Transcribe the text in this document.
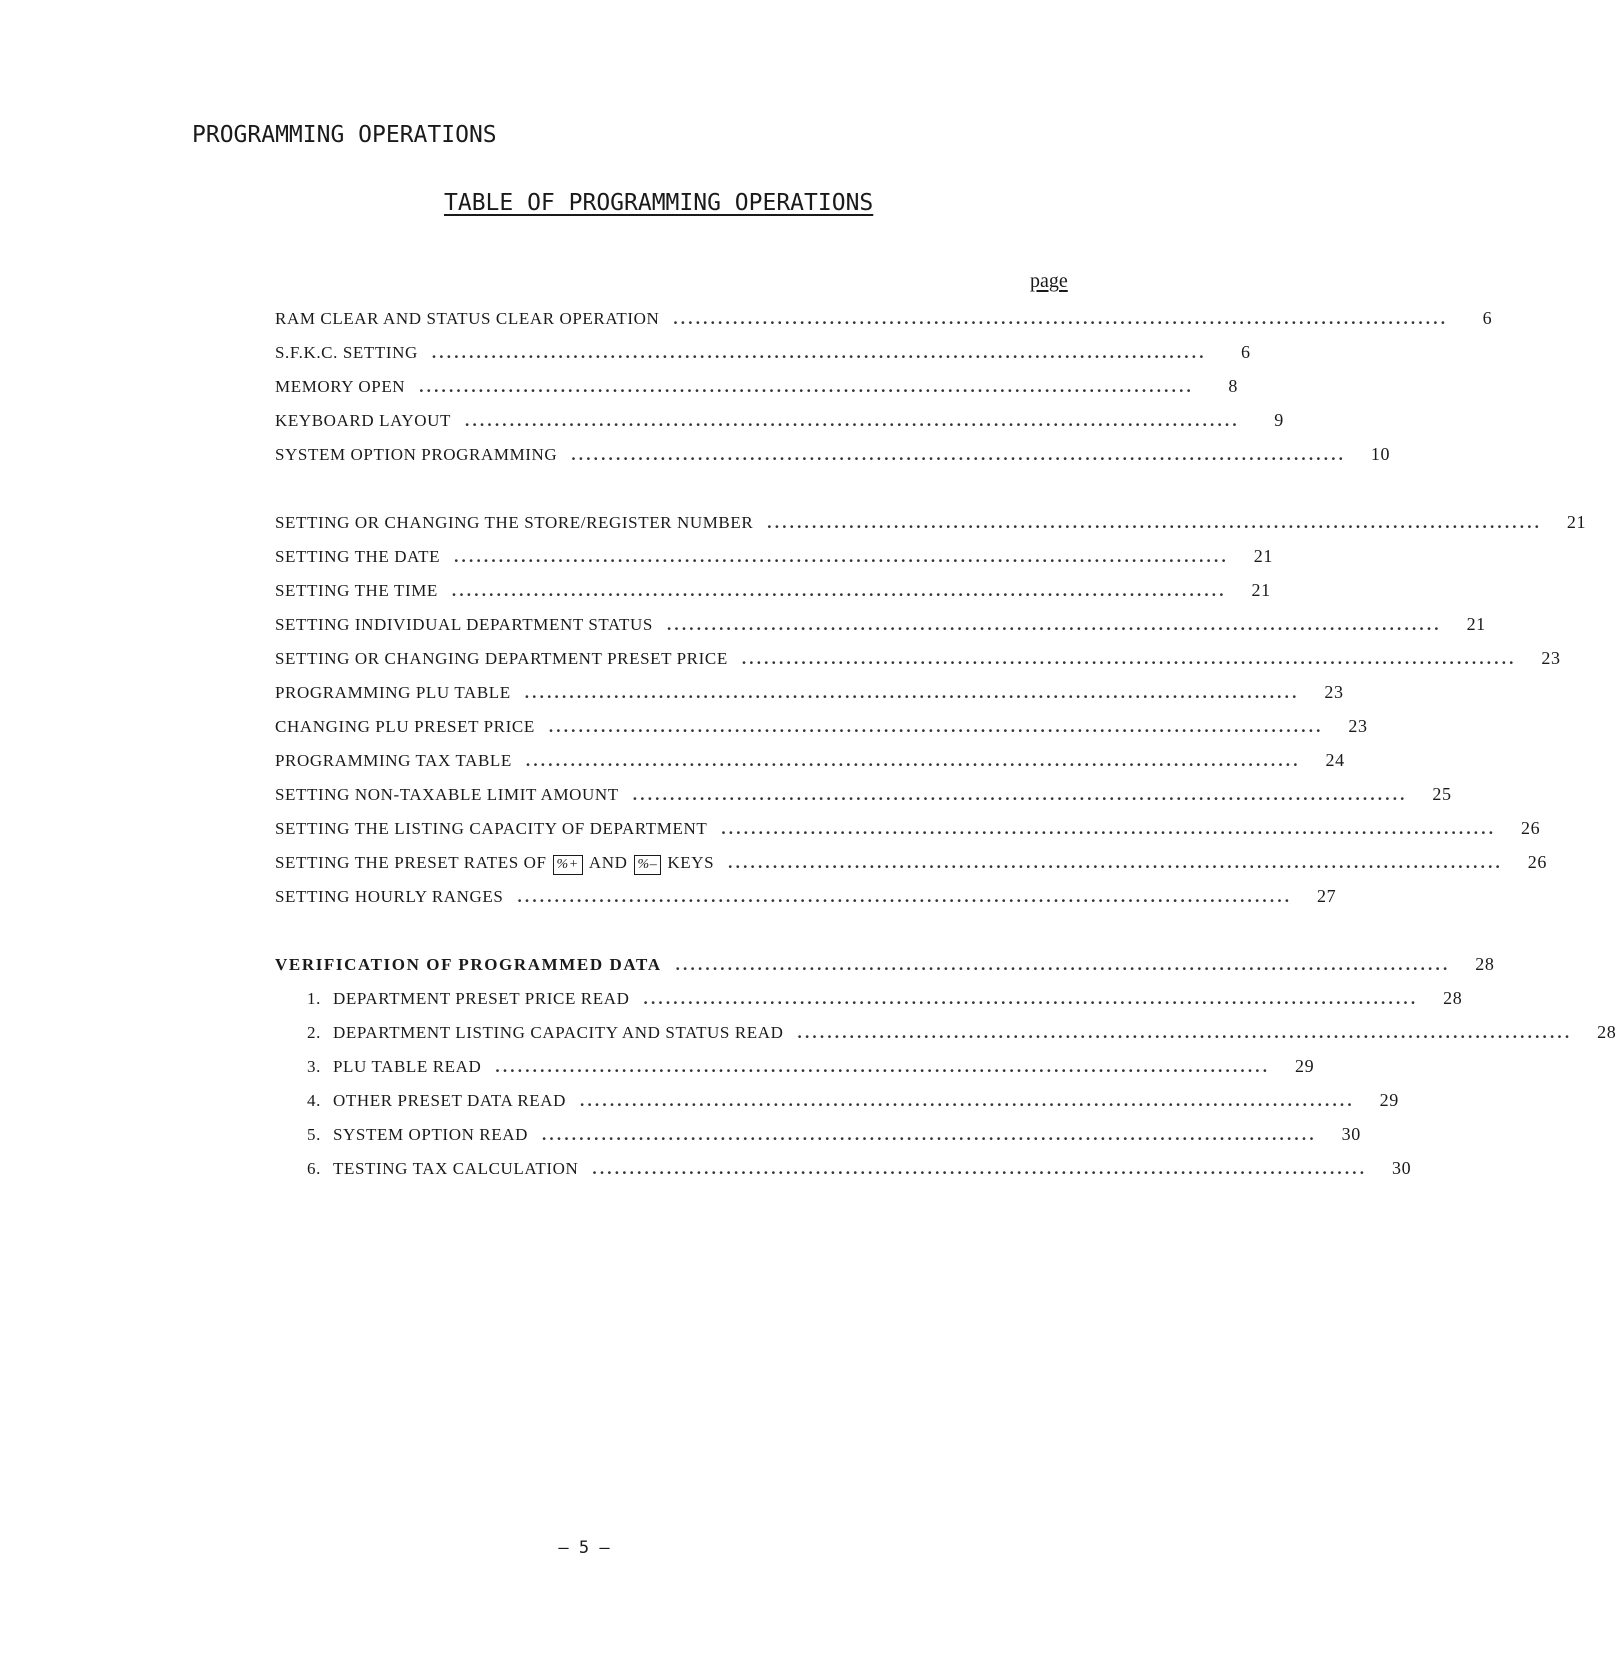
PROGRAMMING OPERATIONS
TABLE OF PROGRAMMING OPERATIONS
page
RAM CLEAR AND STATUS CLEAR OPERATION ........................................................................................................	6
S.F.K.C. SETTING ........................................................................................................	6
MEMORY OPEN ........................................................................................................	8
KEYBOARD LAYOUT ........................................................................................................	9
SYSTEM OPTION PROGRAMMING ........................................................................................................	10
SETTING OR CHANGING THE STORE/REGISTER NUMBER ........................................................................................................	21
SETTING THE DATE ........................................................................................................	21
SETTING THE TIME ........................................................................................................	21
SETTING INDIVIDUAL DEPARTMENT STATUS ........................................................................................................	21
SETTING OR CHANGING DEPARTMENT PRESET PRICE ........................................................................................................	23
PROGRAMMING PLU TABLE ........................................................................................................	23
CHANGING PLU PRESET PRICE ........................................................................................................	23
PROGRAMMING TAX TABLE ........................................................................................................	24
SETTING NON-TAXABLE LIMIT AMOUNT ........................................................................................................	25
SETTING THE LISTING CAPACITY OF DEPARTMENT ........................................................................................................	26
SETTING THE PRESET RATES OF %+ AND %– KEYS ........................................................................................................	26
SETTING HOURLY RANGES ........................................................................................................	27
VERIFICATION OF PROGRAMMED DATA ........................................................................................................	28
1. DEPARTMENT PRESET PRICE READ ........................................................................................................	28
2. DEPARTMENT LISTING CAPACITY AND STATUS READ ........................................................................................................	28
3. PLU TABLE READ ........................................................................................................	29
4. OTHER PRESET DATA READ ........................................................................................................	29
5. SYSTEM OPTION READ ........................................................................................................	30
6. TESTING TAX CALCULATION ........................................................................................................	30
– 5 –
